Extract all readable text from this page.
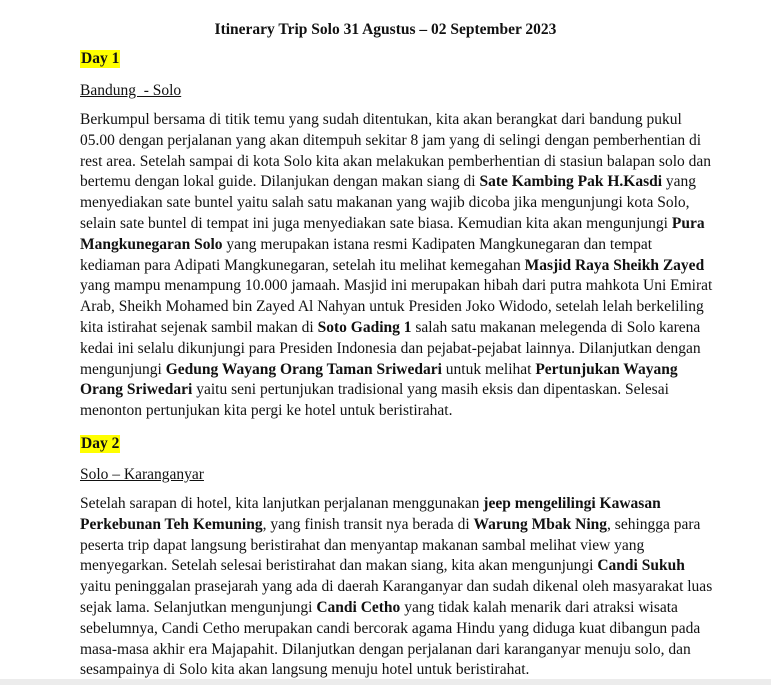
Itinerary Trip Solo 31 Agustus – 02 September 2023
Day 1
Bandung  - Solo
Berkumpul bersama di titik temu yang sudah ditentukan, kita akan berangkat dari bandung pukul
05.00 dengan perjalanan yang akan ditempuh sekitar 8 jam yang di selingi dengan pemberhentian di
rest area. Setelah sampai di kota Solo kita akan melakukan pemberhentian di stasiun balapan solo dan
bertemu dengan lokal guide. Dilanjukan dengan makan siang di Sate Kambing Pak H.Kasdi yang
menyediakan sate buntel yaitu salah satu makanan yang wajib dicoba jika mengunjungi kota Solo,
selain sate buntel di tempat ini juga menyediakan sate biasa. Kemudian kita akan mengunjungi Pura
Mangkunegaran Solo yang merupakan istana resmi Kadipaten Mangkunegaran dan tempat
kediaman para Adipati Mangkunegaran, setelah itu melihat kemegahan Masjid Raya Sheikh Zayed
yang mampu menampung 10.000 jamaah. Masjid ini merupakan hibah dari putra mahkota Uni Emirat
Arab, Sheikh Mohamed bin Zayed Al Nahyan untuk Presiden Joko Widodo, setelah lelah berkeliling
kita istirahat sejenak sambil makan di Soto Gading 1 salah satu makanan melegenda di Solo karena
kedai ini selalu dikunjungi para Presiden Indonesia dan pejabat-pejabat lainnya. Dilanjutkan dengan
mengunjungi Gedung Wayang Orang Taman Sriwedari untuk melihat Pertunjukan Wayang
Orang Sriwedari yaitu seni pertunjukan tradisional yang masih eksis dan dipentaskan. Selesai
menonton pertunjukan kita pergi ke hotel untuk beristirahat.
Day 2
Solo – Karanganyar
Setelah sarapan di hotel, kita lanjutkan perjalanan menggunakan jeep mengelilingi Kawasan
Perkebunan Teh Kemuning, yang finish transit nya berada di Warung Mbak Ning, sehingga para
peserta trip dapat langsung beristirahat dan menyantap makanan sambal melihat view yang
menyegarkan. Setelah selesai beristirahat dan makan siang, kita akan mengunjungi Candi Sukuh
yaitu peninggalan prasejarah yang ada di daerah Karanganyar dan sudah dikenal oleh masyarakat luas
sejak lama. Selanjutkan mengunjungi Candi Cetho yang tidak kalah menarik dari atraksi wisata
sebelumnya, Candi Cetho merupakan candi bercorak agama Hindu yang diduga kuat dibangun pada
masa-masa akhir era Majapahit. Dilanjutkan dengan perjalanan dari karanganyar menuju solo, dan
sesampainya di Solo kita akan langsung menuju hotel untuk beristirahat.
